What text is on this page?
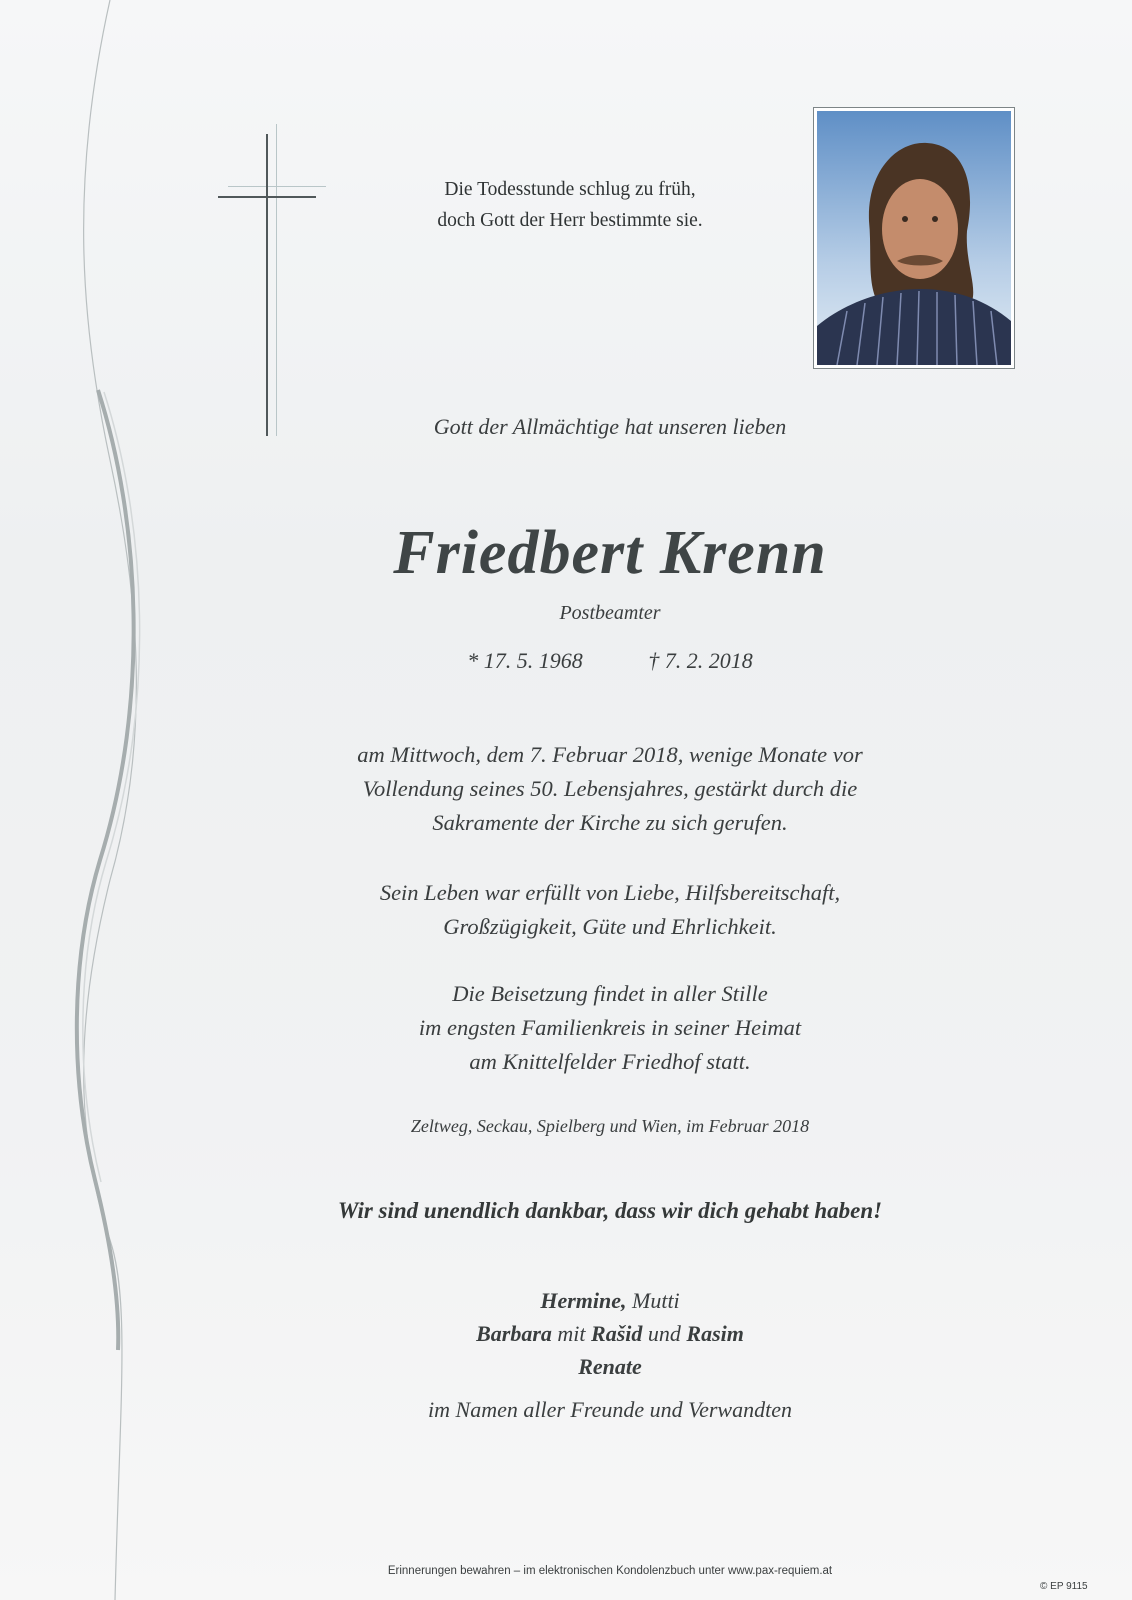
Die Todesstunde schlug zu früh,
doch Gott der Herr bestimmte sie.
Gott der Allmächtige hat unseren lieben
Friedbert Krenn
Postbeamter
* 17. 5. 1968	† 7. 2. 2018
am Mittwoch, dem 7. Februar 2018, wenige Monate vor
Vollendung seines 50. Lebensjahres, gestärkt durch die
Sakramente der Kirche zu sich gerufen.
Sein Leben war erfüllt von Liebe, Hilfsbereitschaft,
Großzügigkeit, Güte und Ehrlichkeit.
Die Beisetzung findet in aller Stille
im engsten Familienkreis in seiner Heimat
am Knittelfelder Friedhof statt.
Zeltweg, Seckau, Spielberg und Wien, im Februar 2018
Wir sind unendlich dankbar, dass wir dich gehabt haben!
Hermine, Mutti
Barbara mit Rašid und Rasim
Renate
im Namen aller Freunde und Verwandten
Erinnerungen bewahren – im elektronischen Kondolenzbuch unter www.pax-requiem.at
© EP 9115
